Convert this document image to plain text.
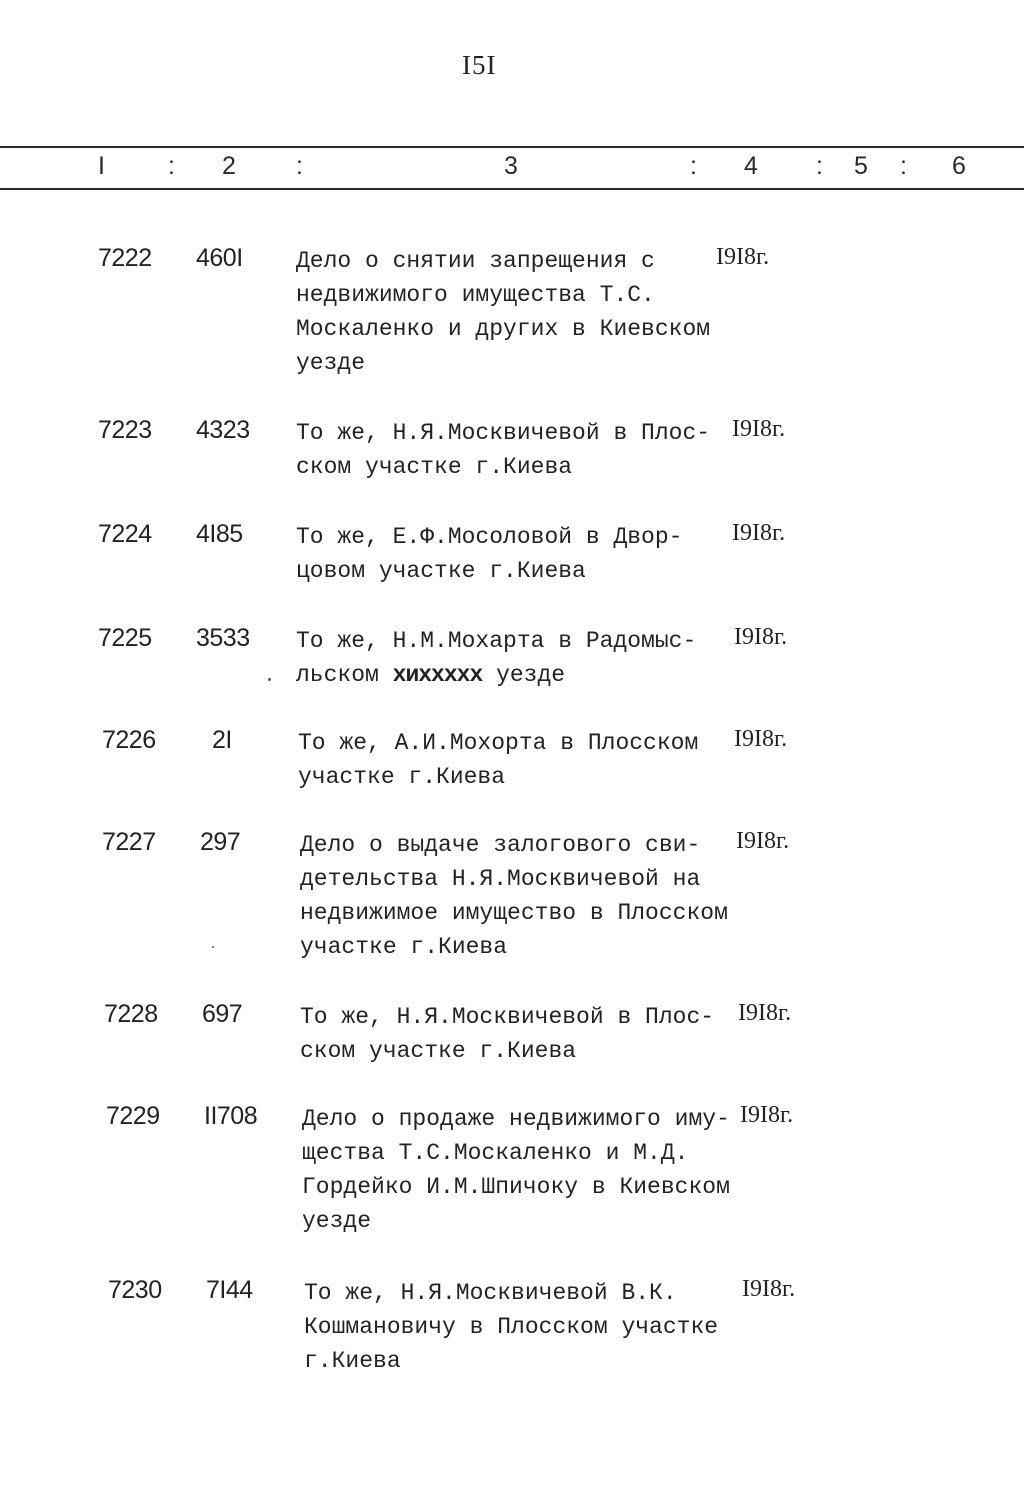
I5I
I	: 2 :	3	: 4 : 5 : 6
7222 460I Дело о снятии запрещения с
недвижимого имущества Т.С.
Москаленко и других в Киевском
уезде
I9I8г.
7223 4323 То же, Н.Я.Москвичевой в Плос-
ском участке г.Киева
I9I8г.
7224 4I85 То же, Е.Ф.Мосоловой в Двор-
цовом участке г.Киева
I9I8г.
7225 3533 То же, Н.М.Мохарта в Радомыс-
льском хиххххх уезде
I9I8г.
7226 2I	То же, А.И.Мохорта в Плосском
участке г.Киева
I9I8г.
7227 297	Дело о выдаче залогового сви-
детельства Н.Я.Москвичевой на
недвижимое имущество в Плосском
участке г.Киева
I9I8г.
7228 697	То же, Н.Я.Москвичевой в Плос-
ском участке г.Киева
I9I8г.
7229 II708 Дело о продаже недвижимого иму-
щества Т.С.Москаленко и М.Д.
Гордейко И.М.Шпичоку в Киевском
уезде
I9I8г.
7230 7I44 То же, Н.Я.Москвичевой В.К.
Кошмановичу в Плосском участке
г.Киева
I9I8г.
